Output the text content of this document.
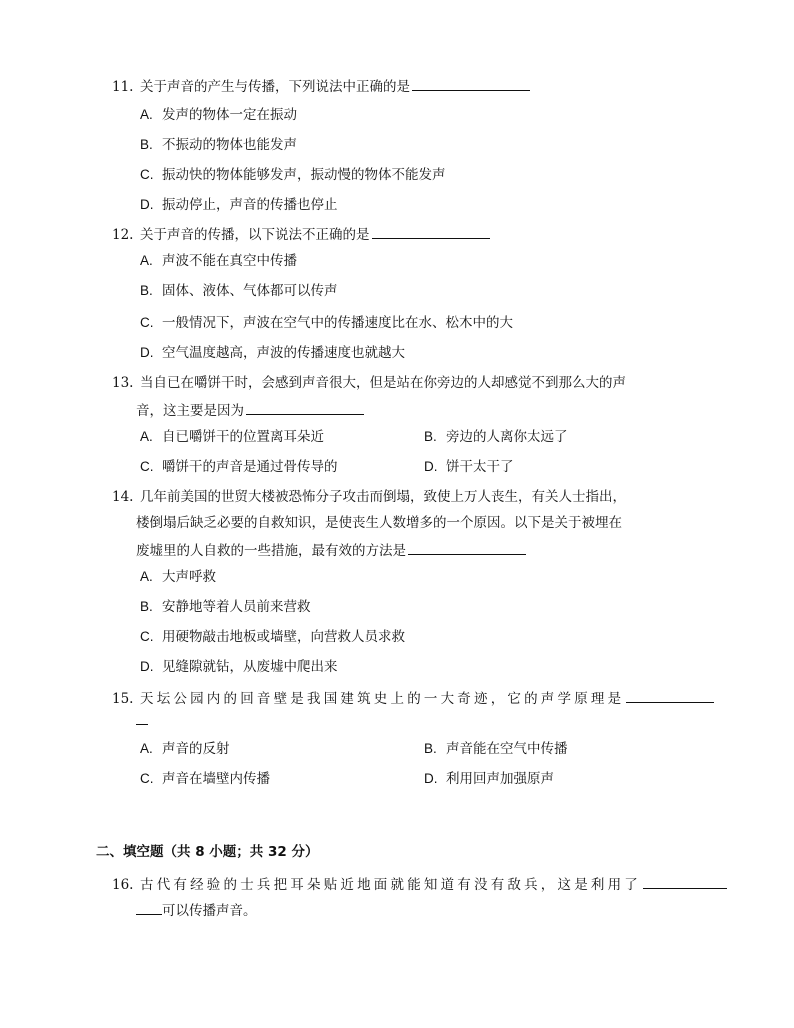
11. 关于声音的产生与传播，下列说法中正确的是
A. 发声的物体一定在振动
B. 不振动的物体也能发声
C. 振动快的物体能够发声，振动慢的物体不能发声
D. 振动停止，声音的传播也停止
12. 关于声音的传播，以下说法不正确的是
A. 声波不能在真空中传播
B. 固体、液体、气体都可以传声
C. 一般情况下，声波在空气中的传播速度比在水、松木中的大
D. 空气温度越高，声波的传播速度也就越大
13. 当自已在嚼饼干时，会感到声音很大，但是站在你旁边的人却感觉不到那么大的声
音，这主要是因为
A. 自已嚼饼干的位置离耳朵近	B. 旁边的人离你太远了
C. 嚼饼干的声音是通过骨传导的	D. 饼干太干了
14. 几年前美国的世贸大楼被恐怖分子攻击而倒塌，致使上万人丧生，有关人士指出，
楼倒塌后缺乏必要的自救知识，是使丧生人数增多的一个原因。以下是关于被埋在
废墟里的人自救的一些措施，最有效的方法是
A. 大声呼救
B. 安静地等着人员前来营救
C. 用硬物敲击地板或墙壁，向营救人员求救
D. 见缝隙就钻，从废墟中爬出来
15. 天坛公园内的回音壁是我国建筑史上的一大奇迹，它的声学原理是
A. 声音的反射	B. 声音能在空气中传播
C. 声音在墙壁内传播	D. 利用回声加强原声
二、填空题（共 8 小题；共 32 分）
16. 古代有经验的士兵把耳朵贴近地面就能知道有没有敌兵，这是利用了
可以传播声音。
